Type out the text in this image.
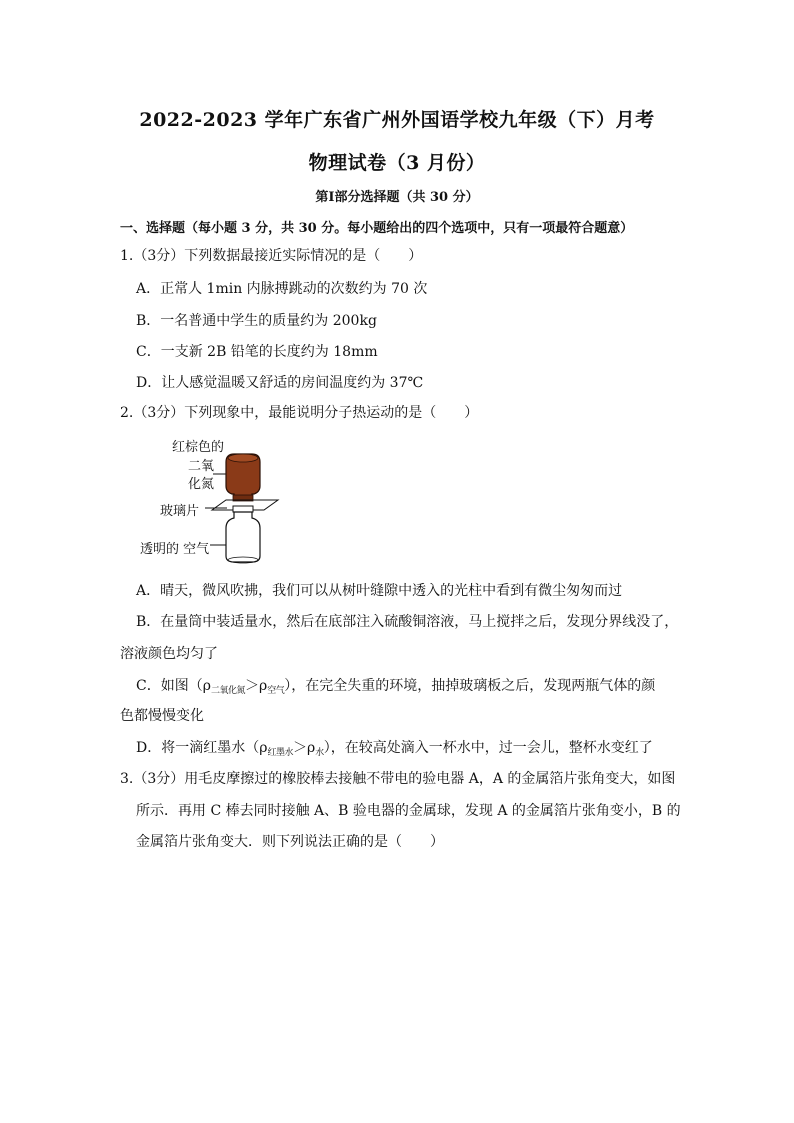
2022-2023 学年广东省广州外国语学校九年级（下）月考
物理试卷（3 月份）
第Ⅰ部分选择题（共 30 分）
一、选择题（每小题 3 分，共 30 分。每小题给出的四个选项中，只有一项最符合题意）
1.（3分）下列数据最接近实际情况的是（　　）
A．正常人 1min 内脉搏跳动的次数约为 70 次
B．一名普通中学生的质量约为 200kg
C．一支新 2B 铅笔的长度约为 18mm
D．让人感觉温暖又舒适的房间温度约为 37℃
2.（3分）下列现象中，最能说明分子热运动的是（　　）
红棕色的
二氧
化氮
玻璃片
透明的 空气
A．晴天，微风吹拂，我们可以从树叶缝隙中透入的光柱中看到有微尘匆匆而过
B．在量筒中装适量水，然后在底部注入硫酸铜溶液，马上搅拌之后，发现分界线没了，
溶液颜色均匀了
C．如图$(\rho_{二氧化氮}>\rho_{空气})$，在完全失重的环境，抽掉玻璃板之后，发现两瓶气体的颜
色都慢慢变化
D．将一滴红墨水$(\rho_{红墨水}>\rho_水)$，在较高处滴入一杯水中，过一会儿，整杯水变红了
3.（3分）用毛皮摩擦过的橡胶棒去接触不带电的验电器 A，A 的金属箔片张角变大，如图
所示．再用 C 棒去同时接触 A、B 验电器的金属球，发现 A 的金属箔片张角变小，B 的
金属箔片张角变大．则下列说法正确的是（　　）
